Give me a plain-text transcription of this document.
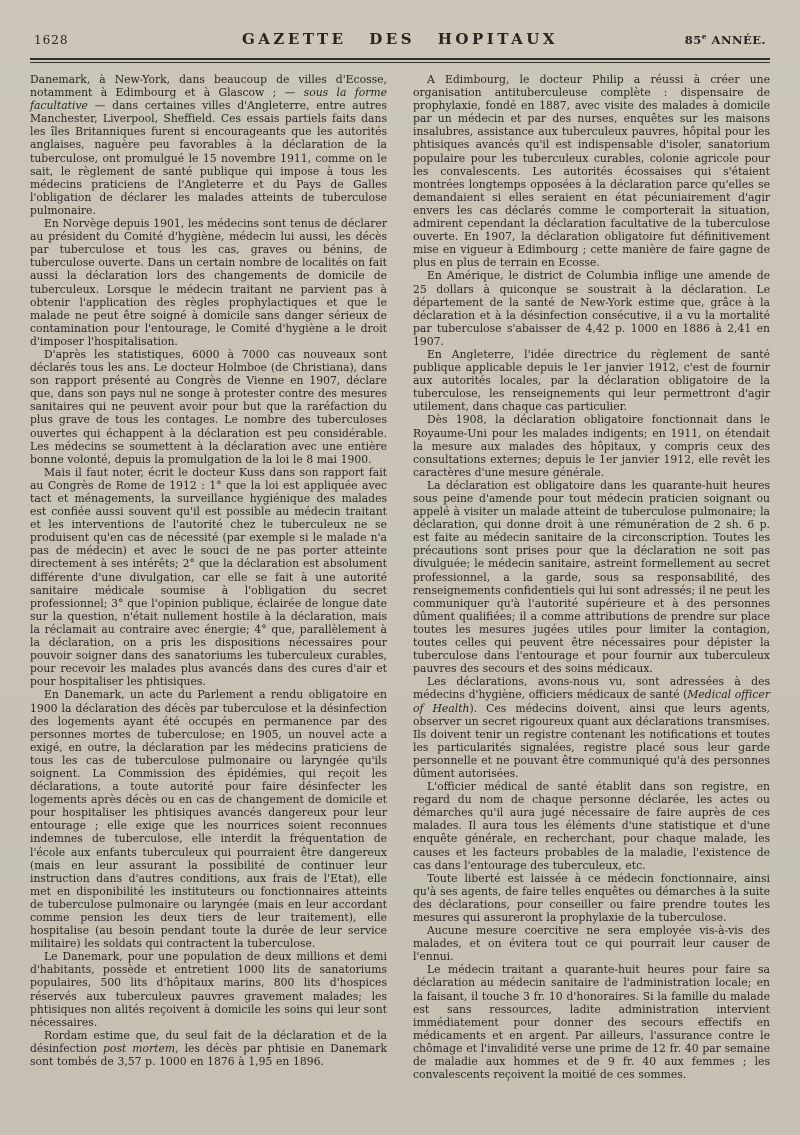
1628	GAZETTE DES HOPITAUX	85e ANNÉE.

Danemark, à New-York, dans beaucoup de villes d'Ecosse, notamment à Edimbourg et à Glascow ; — sous la forme facultative — dans certaines villes d'Angleterre, entre autres Manchester, Liverpool, Sheffield. Ces essais partiels faits dans les îles Britanniques furent si encourageants que les autorités anglaises, naguère peu favorables à la déclaration de la tuberculose, ont promulgué le 15 novembre 1911, comme on le sait, le règlement de santé publique qui impose à tous les médecins praticiens de l'Angleterre et du Pays de Galles l'obligation de déclarer les malades atteints de tuberculose pulmonaire.

En Norvège depuis 1901, les médecins sont tenus de déclarer au président du Comité d'hygiène, médecin lui aussi, les décès par tuberculose et tous les cas, graves ou bénins, de tuberculose ouverte. Dans un certain nombre de localités on fait aussi la déclaration lors des changements de domicile de tuberculeux. Lorsque le médecin traitant ne parvient pas à obtenir l'application des règles prophylactiques et que le malade ne peut être soigné à domicile sans danger sérieux de contamination pour l'entourage, le Comité d'hygiène a le droit d'imposer l'hospitalisation.

D'après les statistiques, 6000 à 7000 cas nouveaux sont déclarés tous les ans. Le docteur Holmboe (de Christiana), dans son rapport présenté au Congrès de Vienne en 1907, déclare que, dans son pays nul ne songe à protester contre des mesures sanitaires qui ne peuvent avoir pour but que la raréfaction du plus grave de tous les contages. Le nombre des tuberculoses ouvertes qui échappent à la déclaration est peu considérable. Les médecins se soumettent à la déclaration avec une entière bonne volonté, depuis la promulgation de la loi le 8 mai 1900.

Mais il faut noter, écrit le docteur Kuss dans son rapport fait au Congrès de Rome de 1912 : 1° que la loi est appliquée avec tact et ménagements, la surveillance hygiénique des malades est confiée aussi souvent qu'il est possible au médecin traitant et les interventions de l'autorité chez le tuberculeux ne se produisent qu'en cas de nécessité (par exemple si le malade n'a pas de médecin) et avec le souci de ne pas porter atteinte directement à ses intérêts; 2° que la déclaration est absolument différente d'une divulgation, car elle se fait à une autorité sanitaire médicale soumise à l'obligation du secret professionnel; 3° que l'opinion publique, éclairée de longue date sur la question, n'était nullement hostile à la déclaration, mais la réclamait au contraire avec énergie; 4° que, parallèlement à la déclaration, on a pris les dispositions nécessaires pour pouvoir soigner dans des sanatoriums les tuberculeux curables, pour recevoir les malades plus avancés dans des cures d'air et pour hospitaliser les phtisiques.

En Danemark, un acte du Parlement a rendu obligatoire en 1900 la déclaration des décès par tuberculose et la désinfection des logements ayant été occupés en permanence par des personnes mortes de tuberculose; en 1905, un nouvel acte a exigé, en outre, la déclaration par les médecins praticiens de tous les cas de tuberculose pulmonaire ou laryngée qu'ils soignent. La Commission des épidémies, qui reçoit les déclarations, a toute autorité pour faire désinfecter les logements après décès ou en cas de changement de domicile et pour hospitaliser les phtisiques avancés dangereux pour leur entourage ; elle exige que les nourrices soient reconnues indemnes de tuberculose, elle interdit la fréquentation de l'école aux enfants tuberculeux qui pourraient être dangereux (mais en leur assurant la possibilité de continuer leur instruction dans d'autres conditions, aux frais de l'Etat), elle met en disponibilité les instituteurs ou fonctionnaires atteints de tuberculose pulmonaire ou laryngée (mais en leur accordant comme pension les deux tiers de leur traitement), elle hospitalise (au besoin pendant toute la durée de leur service militaire) les soldats qui contractent la tuberculose.

Le Danemark, pour une population de deux millions et demi d'habitants, possède et entretient 1000 lits de sanatoriums populaires, 500 lits d'hôpitaux marins, 800 lits d'hospices réservés aux tuberculeux pauvres gravement malades; les phtisiques non alités reçoivent à domicile les soins qui leur sont nécessaires.

Rordam estime que, du seul fait de la déclaration et de la désinfection post mortem, les décès par phtisie en Danemark sont tombés de 3,57 p. 1000 en 1876 à 1,95 en 1896.

A Edimbourg, le docteur Philip a réussi à créer une organisation antituberculeuse complète : dispensaire de prophylaxie, fondé en 1887, avec visite des malades à domicile par un médecin et par des nurses, enquêtes sur les maisons insalubres, assistance aux tuberculeux pauvres, hôpital pour les phtisiques avancés qu'il est indispensable d'isoler, sanatorium populaire pour les tuberculeux curables, colonie agricole pour les convalescents. Les autorités écossaises qui s'étaient montrées longtemps opposées à la déclaration parce qu'elles se demandaient si elles seraient en état pécuniairement d'agir envers les cas déclarés comme le comporterait la situation, admirent cependant la déclaration facultative de la tuberculose ouverte. En 1907, la déclaration obligatoire fut définitivement mise en vigueur à Edimbourg ; cette manière de faire gagne de plus en plus de terrain en Ecosse.

En Amérique, le district de Columbia inflige une amende de 25 dollars à quiconque se soustrait à la déclaration. Le département de la santé de New-York estime que, grâce à la déclaration et à la désinfection consécutive, il a vu la mortalité par tuberculose s'abaisser de 4,42 p. 1000 en 1886 à 2,41 en 1907.

En Angleterre, l'idée directrice du règlement de santé publique applicable depuis le 1er janvier 1912, c'est de fournir aux autorités locales, par la déclaration obligatoire de la tuberculose, les renseignements qui leur permettront d'agir utilement, dans chaque cas particulier.

Dès 1908, la déclaration obligatoire fonctionnait dans le Royaume-Uni pour les malades indigents; en 1911, on étendait la mesure aux malades des hôpitaux, y compris ceux des consultations externes; depuis le 1er janvier 1912, elle revêt les caractères d'une mesure générale.

La déclaration est obligatoire dans les quarante-huit heures sous peine d'amende pour tout médecin praticien soignant ou appelé à visiter un malade atteint de tuberculose pulmonaire; la déclaration, qui donne droit à une rémunération de 2 sh. 6 p. est faite au médecin sanitaire de la circonscription. Toutes les précautions sont prises pour que la déclaration ne soit pas divulguée; le médecin sanitaire, astreint formellement au secret professionnel, a la garde, sous sa responsabilité, des renseignements confidentiels qui lui sont adressés; il ne peut les communiquer qu'à l'autorité supérieure et à des personnes dûment qualifiées; il a comme attributions de prendre sur place toutes les mesures jugées utiles pour limiter la contagion, toutes celles qui peuvent être nécessaires pour dépister la tuberculose dans l'entourage et pour fournir aux tuberculeux pauvres des secours et des soins médicaux.

Les déclarations, avons-nous vu, sont adressées à des médecins d'hygiène, officiers médicaux de santé (Medical officer of Health). Ces médecins doivent, ainsi que leurs agents, observer un secret rigoureux quant aux déclarations transmises. Ils doivent tenir un registre contenant les notifications et toutes les particularités signalées, registre placé sous leur garde personnelle et ne pouvant être communiqué qu'à des personnes dûment autorisées.

L'officier médical de santé établit dans son registre, en regard du nom de chaque personne déclarée, les actes ou démarches qu'il aura jugé nécessaire de faire auprès de ces malades. Il aura tous les éléments d'une statistique et d'une enquête générale, en recherchant, pour chaque malade, les causes et les facteurs probables de la maladie, l'existence de cas dans l'entourage des tuberculeux, etc.

Toute liberté est laissée à ce médecin fonctionnaire, ainsi qu'à ses agents, de faire telles enquêtes ou démarches à la suite des déclarations, pour conseiller ou faire prendre toutes les mesures qui assureront la prophylaxie de la tuberculose.

Aucune mesure coercitive ne sera employée vis-à-vis des malades, et on évitera tout ce qui pourrait leur causer de l'ennui.

Le médecin traitant a quarante-huit heures pour faire sa déclaration au médecin sanitaire de l'administration locale; en la faisant, il touche 3 fr. 10 d'honoraires. Si la famille du malade est sans ressources, ladite administration intervient immédiatement pour donner des secours effectifs en médicaments et en argent. Par ailleurs, l'assurance contre le chômage et l'invalidité verse une prime de 12 fr. 40 par semaine de maladie aux hommes et de 9 fr. 40 aux femmes ; les convalescents reçoivent la moitié de ces sommes.
